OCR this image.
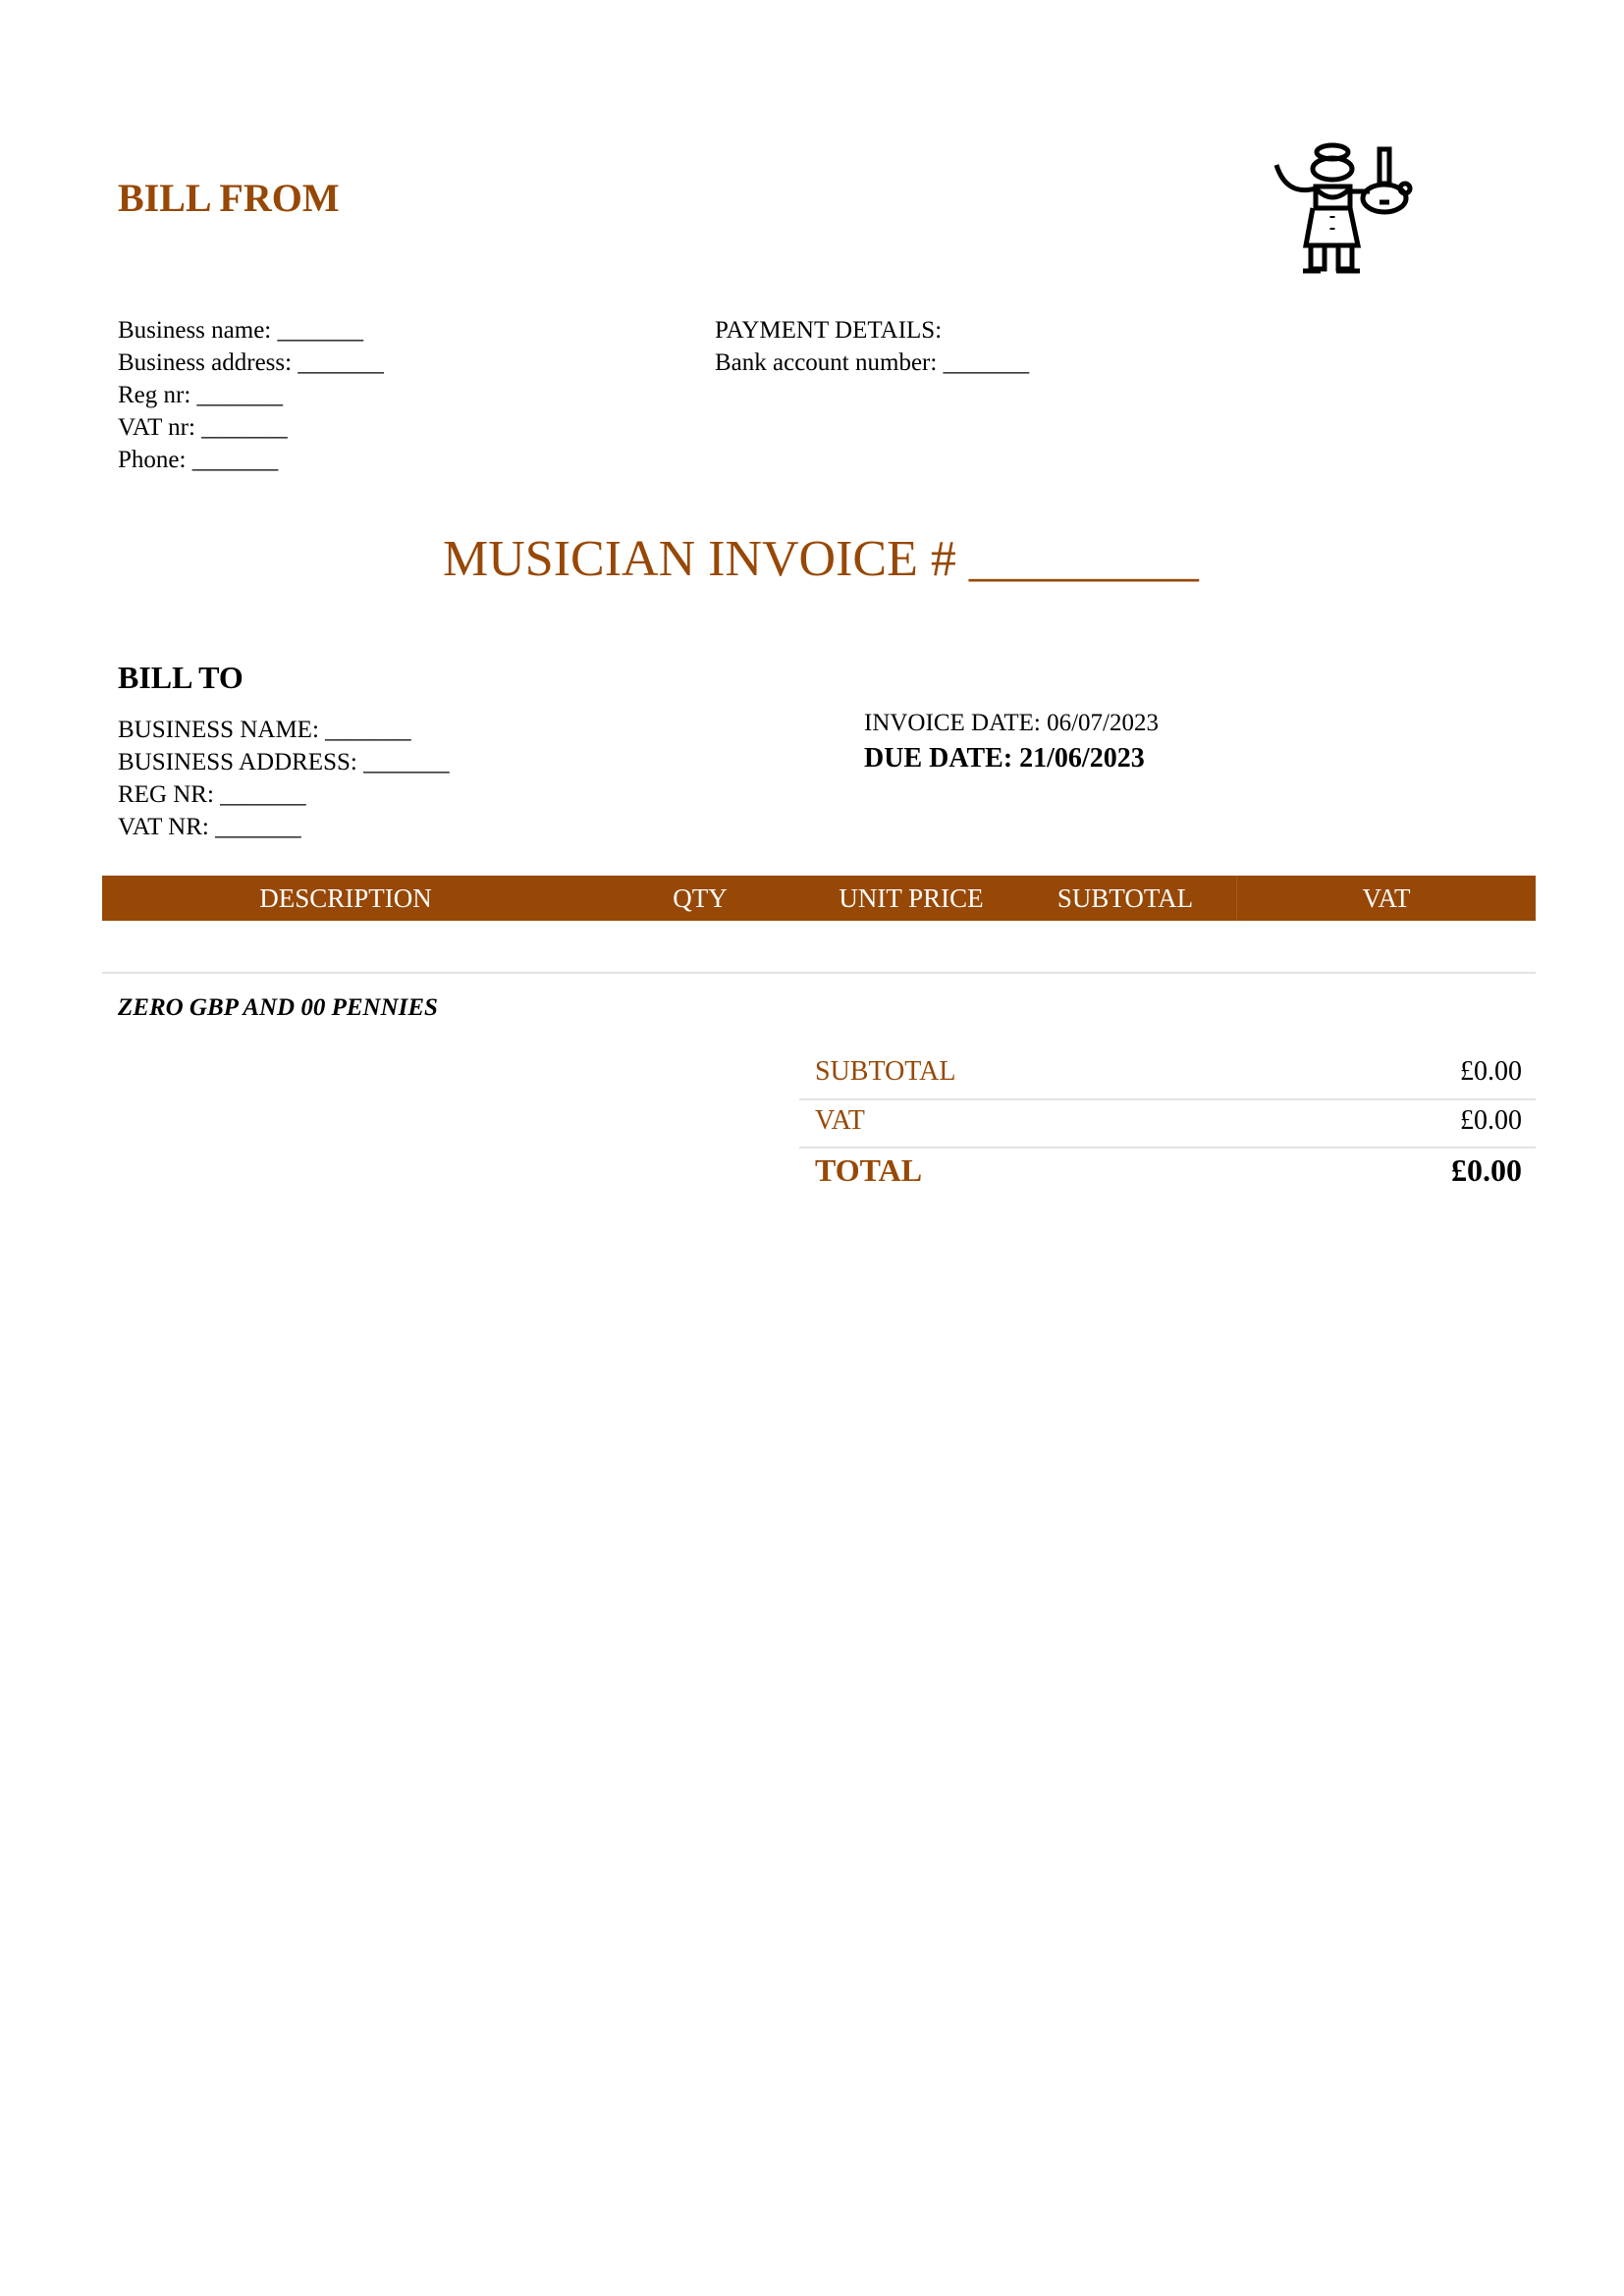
BILL FROM
Business name: _______
Business address: _______
Reg nr: _______
VAT nr: _______
Phone: _______
PAYMENT DETAILS:
Bank account number: _______
MUSICIAN INVOICE # _________
BILL TO
BUSINESS NAME: _______
BUSINESS ADDRESS: _______
REG NR: _______
VAT NR: _______
INVOICE DATE: 06/07/2023
DUE DATE: 21/06/2023
DESCRIPTION	QTY	UNIT PRICE	SUBTOTAL	VAT
ZERO GBP AND 00 PENNIES
SUBTOTAL	£0.00
VAT	£0.00
TOTAL	£0.00
